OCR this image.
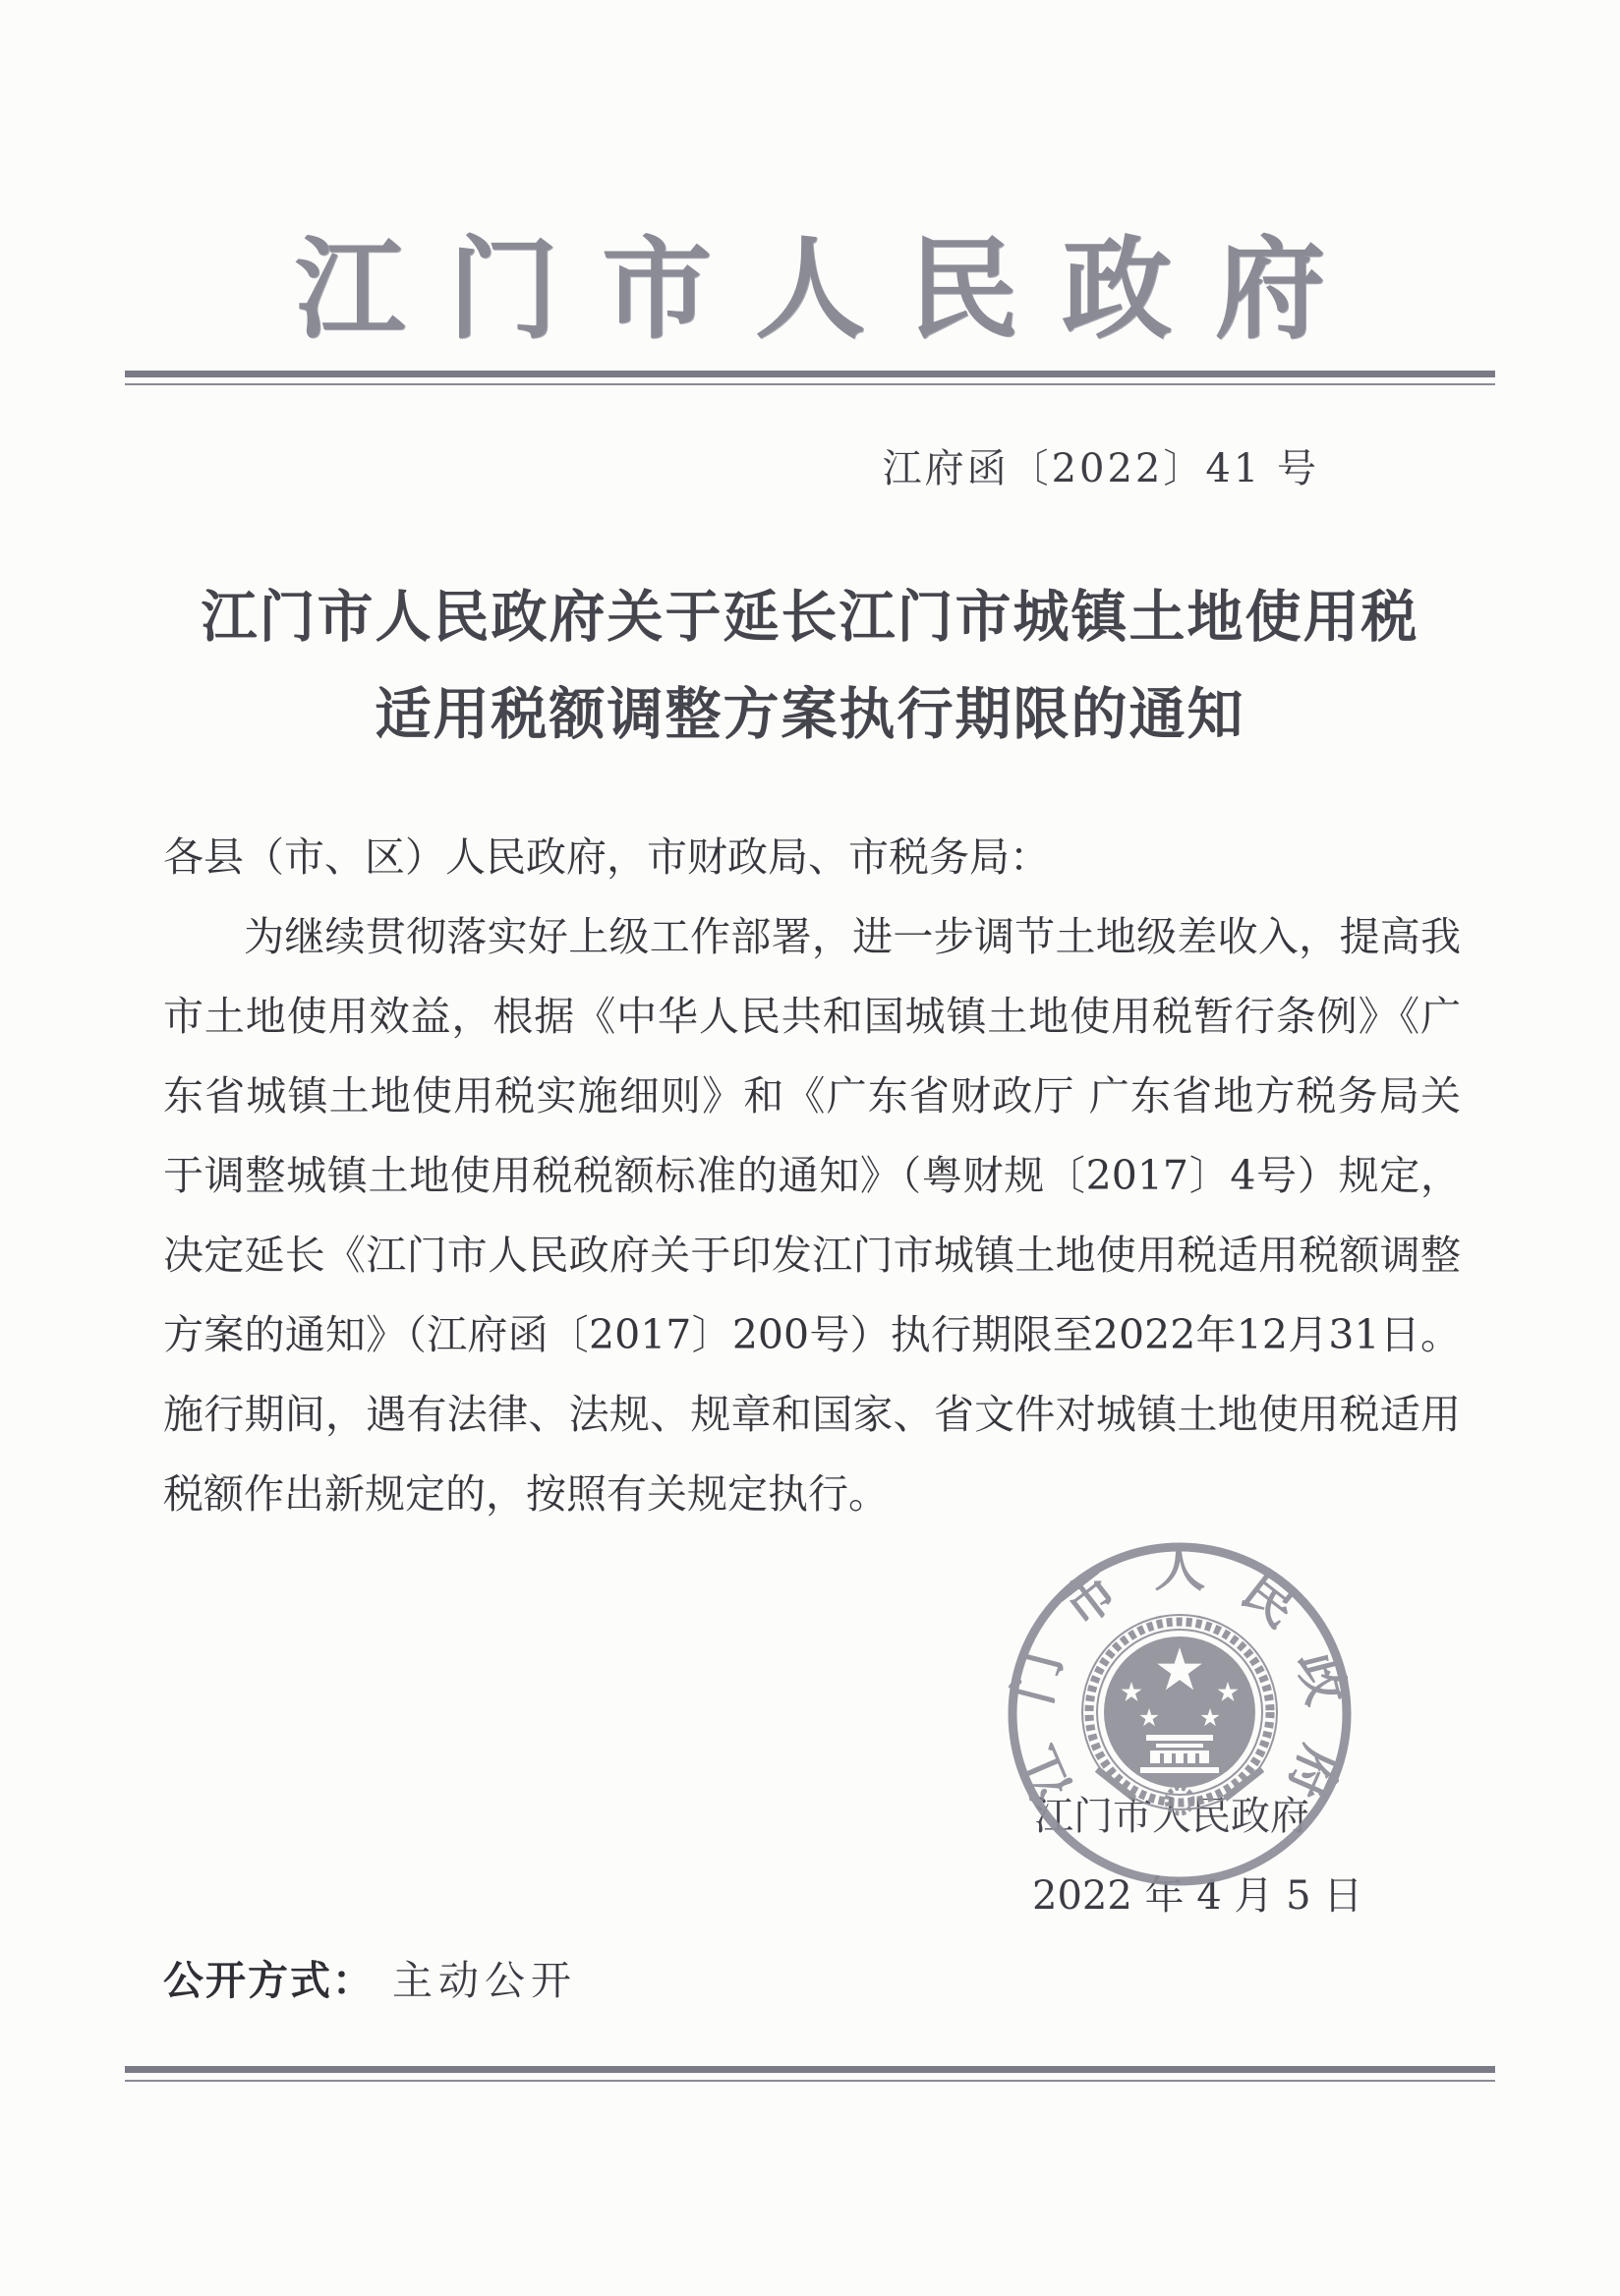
江门市人民政府
江府函〔2022〕41 号
江门市人民政府关于延长江门市城镇土地使用税
适用税额调整方案执行期限的通知
各县（市、区）人民政府，市财政局、市税务局：

为继续贯彻落实好上级工作部署，进一步调节土地级差收入，提高我市土地使用效益，根据《中华人民共和国城镇土地使用税暂行条例》《广东省城镇土地使用税实施细则》和《广东省财政厅 广东省地方税务局关于调整城镇土地使用税税额标准的通知》（粤财规〔2017〕4号）规定，决定延长《江门市人民政府关于印发江门市城镇土地使用税适用税额调整方案的通知》（江府函〔2017〕200号）执行期限至2022年12月31日。施行期间，遇有法律、法规、规章和国家、省文件对城镇土地使用税适用税额作出新规定的，按照有关规定执行。

江门市人民政府
江门市人民政府
2022 年 4 月 5 日
公开方式： 主动公开
